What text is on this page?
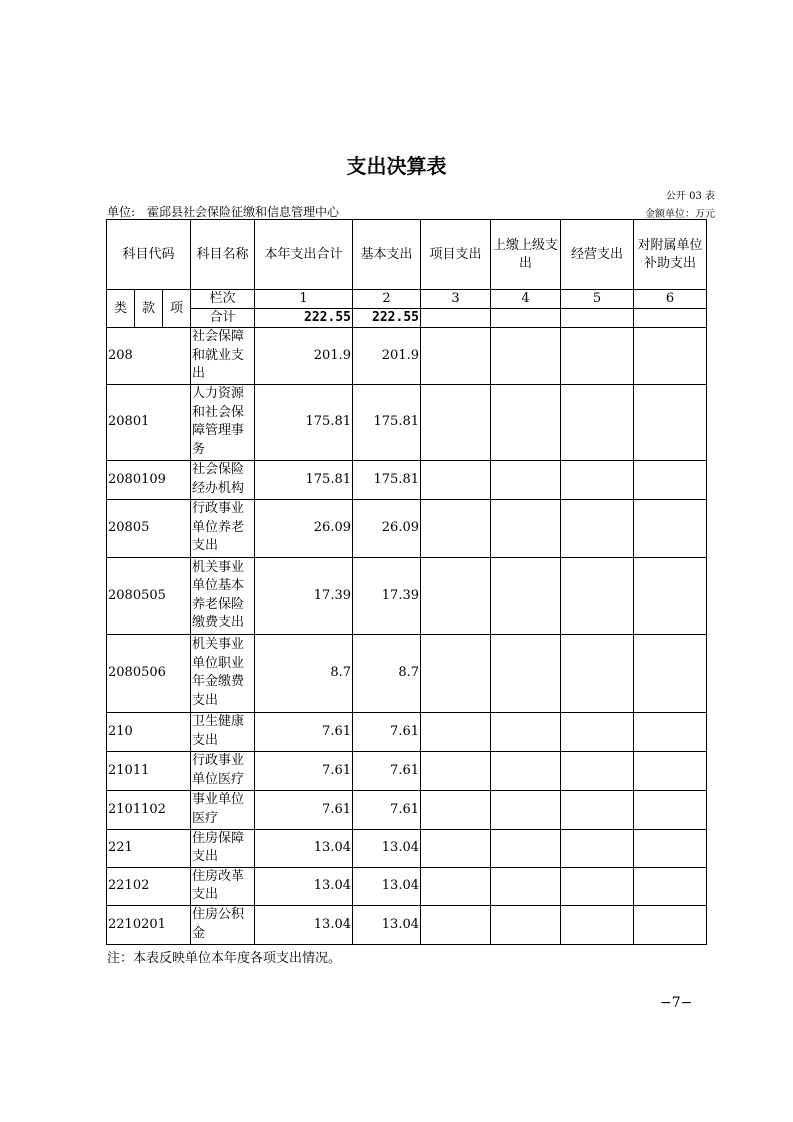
支出决算表
公开 03 表
单位: 霍邱县社会保险征缴和信息管理中心	金额单位：万元
科目代码			科目名称	本年支出合计	基本支出	项目支出	上缴上级支出	经营支出	对附属单位补助支出
类	款	项	栏次	1	2	3	4	5	6
			合计	222.55	222.55				
208			社会保障和就业支出	201.9	201.9				
20801			人力资源和社会保障管理事务	175.81	175.81				
2080109			社会保险经办机构	175.81	175.81				
20805			行政事业单位养老支出	26.09	26.09				
2080505			机关事业单位基本养老保险缴费支出	17.39	17.39				
2080506			机关事业单位职业年金缴费支出	8.7	8.7				
210			卫生健康支出	7.61	7.61				
21011			行政事业单位医疗	7.61	7.61				
2101102			事业单位医疗	7.61	7.61				
221			住房保障支出	13.04	13.04				
22102			住房改革支出	13.04	13.04				
2210201			住房公积金	13.04	13.04				
注：本表反映单位本年度各项支出情况。
−7−
